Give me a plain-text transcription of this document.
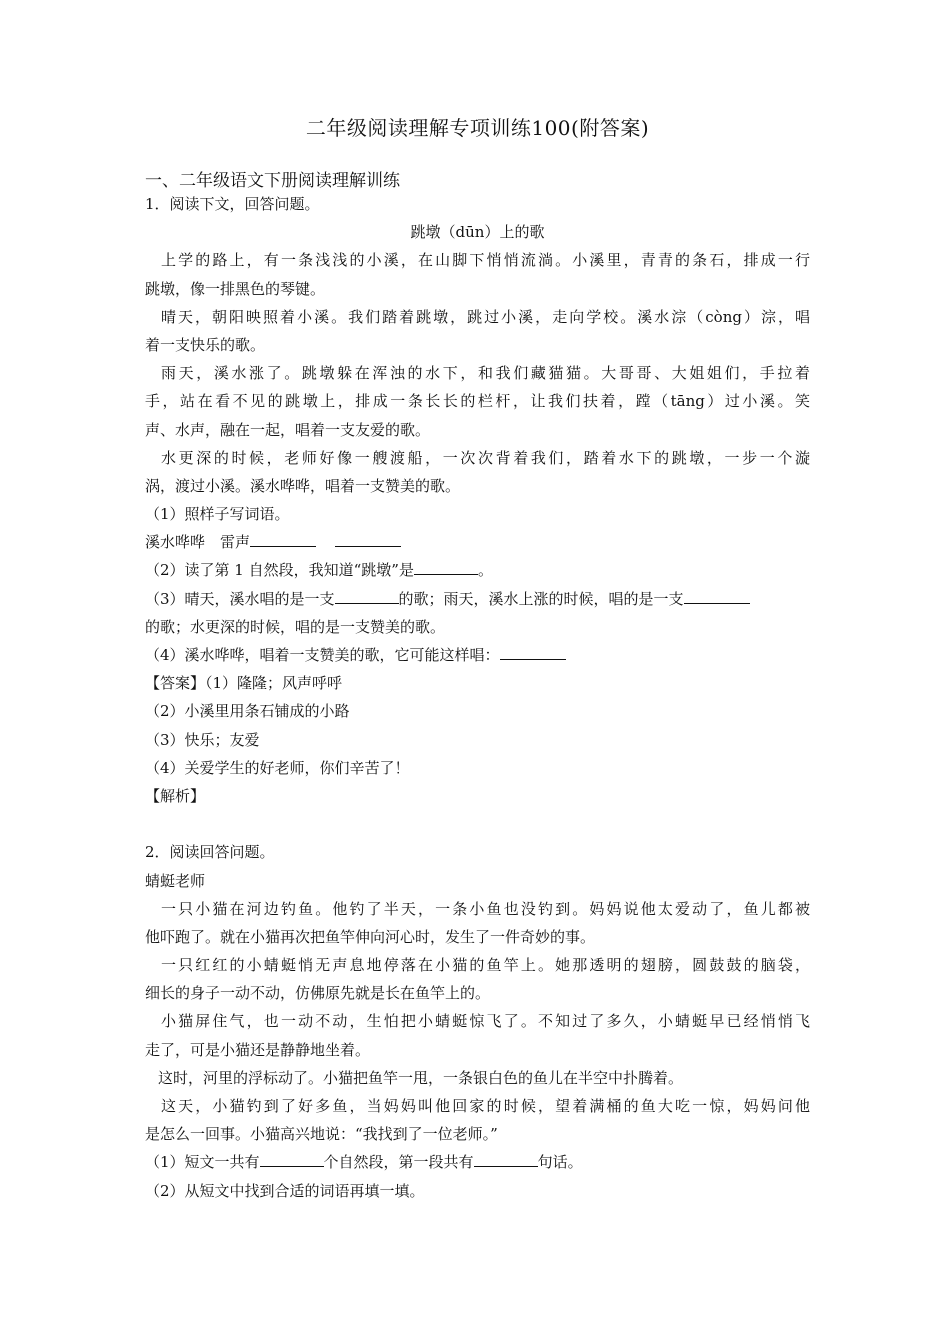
二年级阅读理解专项训练100(附答案)
一、二年级语文下册阅读理解训练
1．阅读下文，回答问题。
跳墩（dūn）上的歌
上学的路上，有一条浅浅的小溪，在山脚下悄悄流淌。小溪里，青青的条石，排成一行
跳墩，像一排黑色的琴键。
晴天，朝阳映照着小溪。我们踏着跳墩，跳过小溪，走向学校。溪水淙（còng）淙，唱
着一支快乐的歌。
雨天，溪水涨了。跳墩躲在浑浊的水下，和我们藏猫猫。大哥哥、大姐姐们，手拉着
手，站在看不见的跳墩上，排成一条长长的栏杆，让我们扶着，蹚（tāng）过小溪。笑
声、水声，融在一起，唱着一支友爱的歌。
水更深的时候，老师好像一艘渡船，一次次背着我们，踏着水下的跳墩，一步一个漩
涡，渡过小溪。溪水哗哗，唱着一支赞美的歌。
（1）照样子写词语。
溪水哗哗　雷声
（2）读了第 1 自然段，我知道“跳墩”是	。
（3）晴天，溪水唱的是一支	的歌；雨天，溪水上涨的时候，唱的是一支
的歌；水更深的时候，唱的是一支赞美的歌。
（4）溪水哗哗，唱着一支赞美的歌，它可能这样唱：
【答案】（1）隆隆；风声呼呼
（2）小溪里用条石铺成的小路
（3）快乐；友爱
（4）关爱学生的好老师，你们辛苦了！
【解析】
2．阅读回答问题。
蜻蜓老师
一只小猫在河边钓鱼。他钓了半天，一条小鱼也没钓到。妈妈说他太爱动了，鱼儿都被
他吓跑了。就在小猫再次把鱼竿伸向河心时，发生了一件奇妙的事。
一只红红的小蜻蜓悄无声息地停落在小猫的鱼竿上。她那透明的翅膀，圆鼓鼓的脑袋，
细长的身子一动不动，仿佛原先就是长在鱼竿上的。
小猫屏住气，也一动不动，生怕把小蜻蜓惊飞了。不知过了多久，小蜻蜓早已经悄悄飞
走了，可是小猫还是静静地坐着。
这时，河里的浮标动了。小猫把鱼竿一甩，一条银白色的鱼儿在半空中扑腾着。
这天，小猫钓到了好多鱼，当妈妈叫他回家的时候，望着满桶的鱼大吃一惊，妈妈问他
是怎么一回事。小猫高兴地说：“我找到了一位老师。”
（1）短文一共有	个自然段，第一段共有	句话。
（2）从短文中找到合适的词语再填一填。
